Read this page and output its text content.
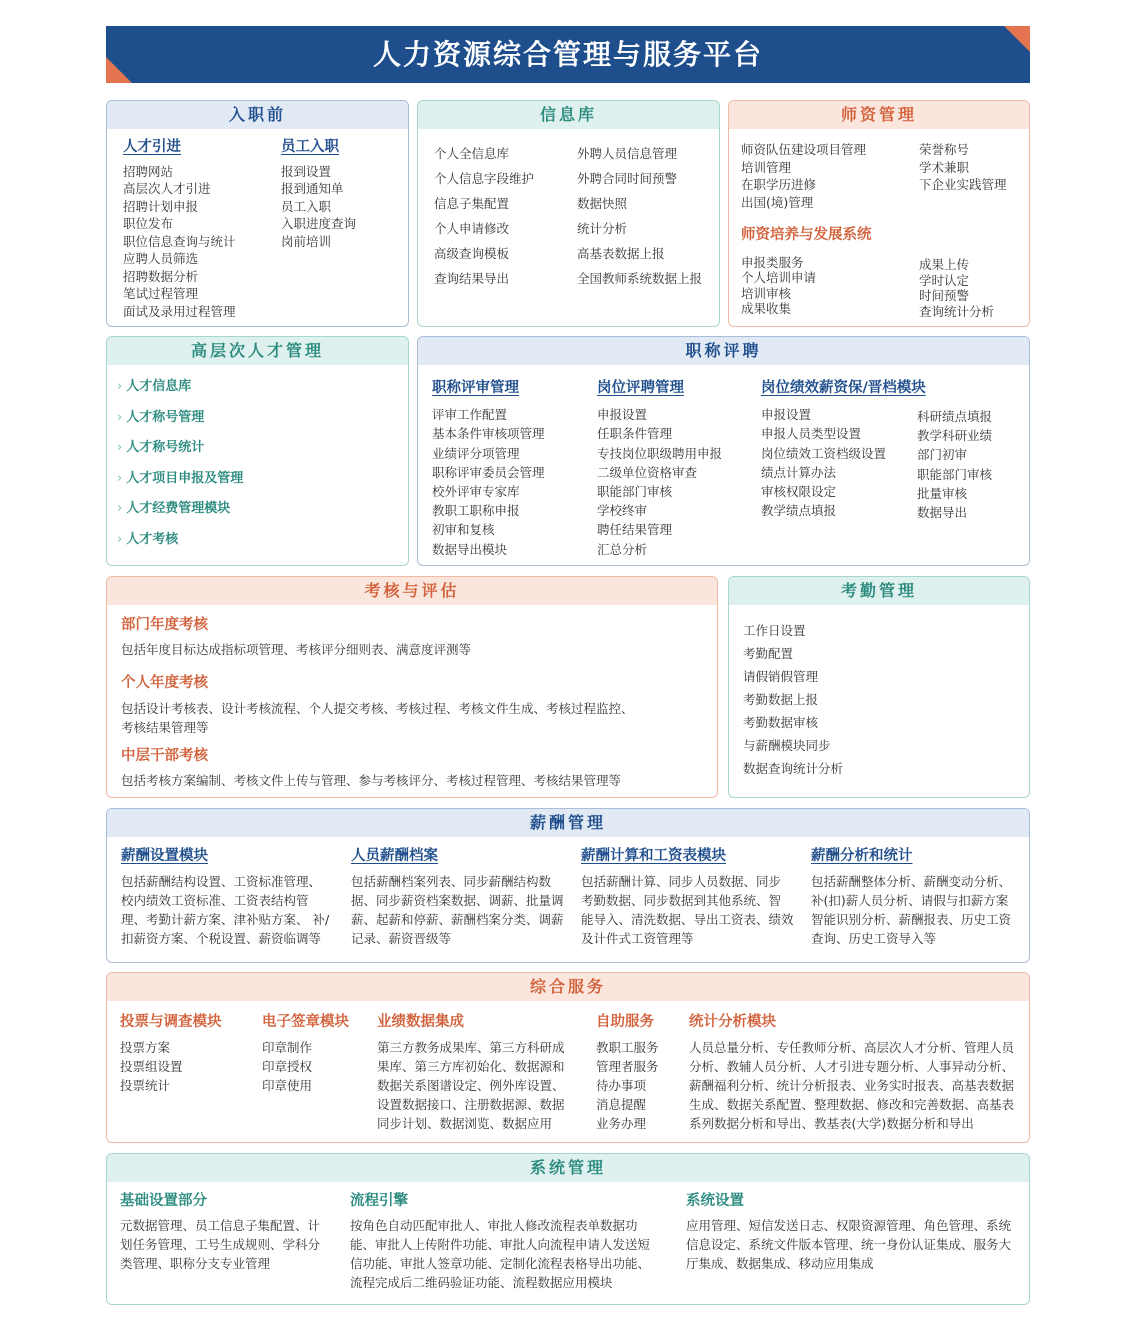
人力资源综合管理与服务平台
入职前
人才引进
招聘网站
高层次人才引进
招聘计划申报
职位发布
职位信息查询与统计
应聘人员筛选
招聘数据分析
笔试过程管理
面试及录用过程管理
员工入职
报到设置
报到通知单
员工入职
入职进度查询
岗前培训
信息库
个人全信息库
个人信息字段维护
信息子集配置
个人申请修改
高级查询模板
查询结果导出
外聘人员信息管理
外聘合同时间预警
数据快照
统计分析
高基表数据上报
全国教师系统数据上报
师资管理
师资队伍建设项目管理
培训管理
在职学历进修
出国(境)管理
荣誉称号
学术兼职
下企业实践管理
师资培养与发展系统
申报类服务
个人培训申请
培训审核
成果收集
成果上传
学时认定
时间预警
查询统计分析
高层次人才管理
› 人才信息库
› 人才称号管理
› 人才称号统计
› 人才项目申报及管理
› 人才经费管理模块
› 人才考核
职称评聘
职称评审管理
评审工作配置
基本条件审核项管理
业绩评分项管理
职称评审委员会管理
校外评审专家库
教职工职称申报
初审和复核
数据导出模块
岗位评聘管理
申报设置
任职条件管理
专技岗位职级聘用申报
二级单位资格审查
职能部门审核
学校终审
聘任结果管理
汇总分析
岗位绩效薪资保/晋档模块
申报设置
申报人员类型设置
岗位绩效工资档级设置
绩点计算办法
审核权限设定
教学绩点填报
科研绩点填报
教学科研业绩
部门初审
职能部门审核
批量审核
数据导出
考核与评估
部门年度考核
包括年度目标达成指标项管理、考核评分细则表、满意度评测等
个人年度考核
包括设计考核表、设计考核流程、个人提交考核、考核过程、考核文件生成、考核过程监控、
考核结果管理等
中层干部考核
包括考核方案编制、考核文件上传与管理、参与考核评分、考核过程管理、考核结果管理等
考勤管理
工作日设置
考勤配置
请假销假管理
考勤数据上报
考勤数据审核
与薪酬模块同步
数据查询统计分析
薪酬管理
薪酬设置模块
包括薪酬结构设置、工资标准管理、
校内绩效工资标准、工资表结构管
理、考勤计薪方案、津补贴方案、 补/
扣薪资方案、个税设置、薪资临调等
人员薪酬档案
包括薪酬档案列表、同步薪酬结构数
据、同步薪资档案数据、调薪、批量调
薪、起薪和停薪、薪酬档案分类、调薪
记录、薪资晋级等
薪酬计算和工资表模块
包括薪酬计算、同步人员数据、同步
考勤数据、同步数据到其他系统、智
能导入、清洗数据、导出工资表、绩效
及计件式工资管理等
薪酬分析和统计
包括薪酬整体分析、薪酬变动分析、
补(扣)薪人员分析、请假与扣薪方案
智能识别分析、薪酬报表、历史工资
查询、历史工资导入等
综合服务
投票与调查模块
投票方案
投票组设置
投票统计
电子签章模块
印章制作
印章授权
印章使用
业绩数据集成
第三方教务成果库、第三方科研成
果库、第三方库初始化、数据源和
数据关系图谱设定、例外库设置、
设置数据接口、注册数据源、数据
同步计划、数据浏览、数据应用
自助服务
教职工服务
管理者服务
待办事项
消息提醒
业务办理
统计分析模块
人员总量分析、专任教师分析、高层次人才分析、管理人员
分析、教辅人员分析、人才引进专题分析、人事异动分析、
薪酬福利分析、统计分析报表、业务实时报表、高基表数据
生成、数据关系配置、整理数据、修改和完善数据、高基表
系列数据分析和导出、教基表(大学)数据分析和导出
系统管理
基础设置部分
元数据管理、员工信息子集配置、计
划任务管理、工号生成规则、学科分
类管理、职称分支专业管理
流程引擎
按角色自动匹配审批人、审批人修改流程表单数据功
能、审批人上传附件功能、审批人向流程申请人发送短
信功能、审批人签章功能、定制化流程表格导出功能、
流程完成后二维码验证功能、流程数据应用模块
系统设置
应用管理、短信发送日志、权限资源管理、角色管理、系统
信息设定、系统文件版本管理、统一身份认证集成、服务大
厅集成、数据集成、移动应用集成
